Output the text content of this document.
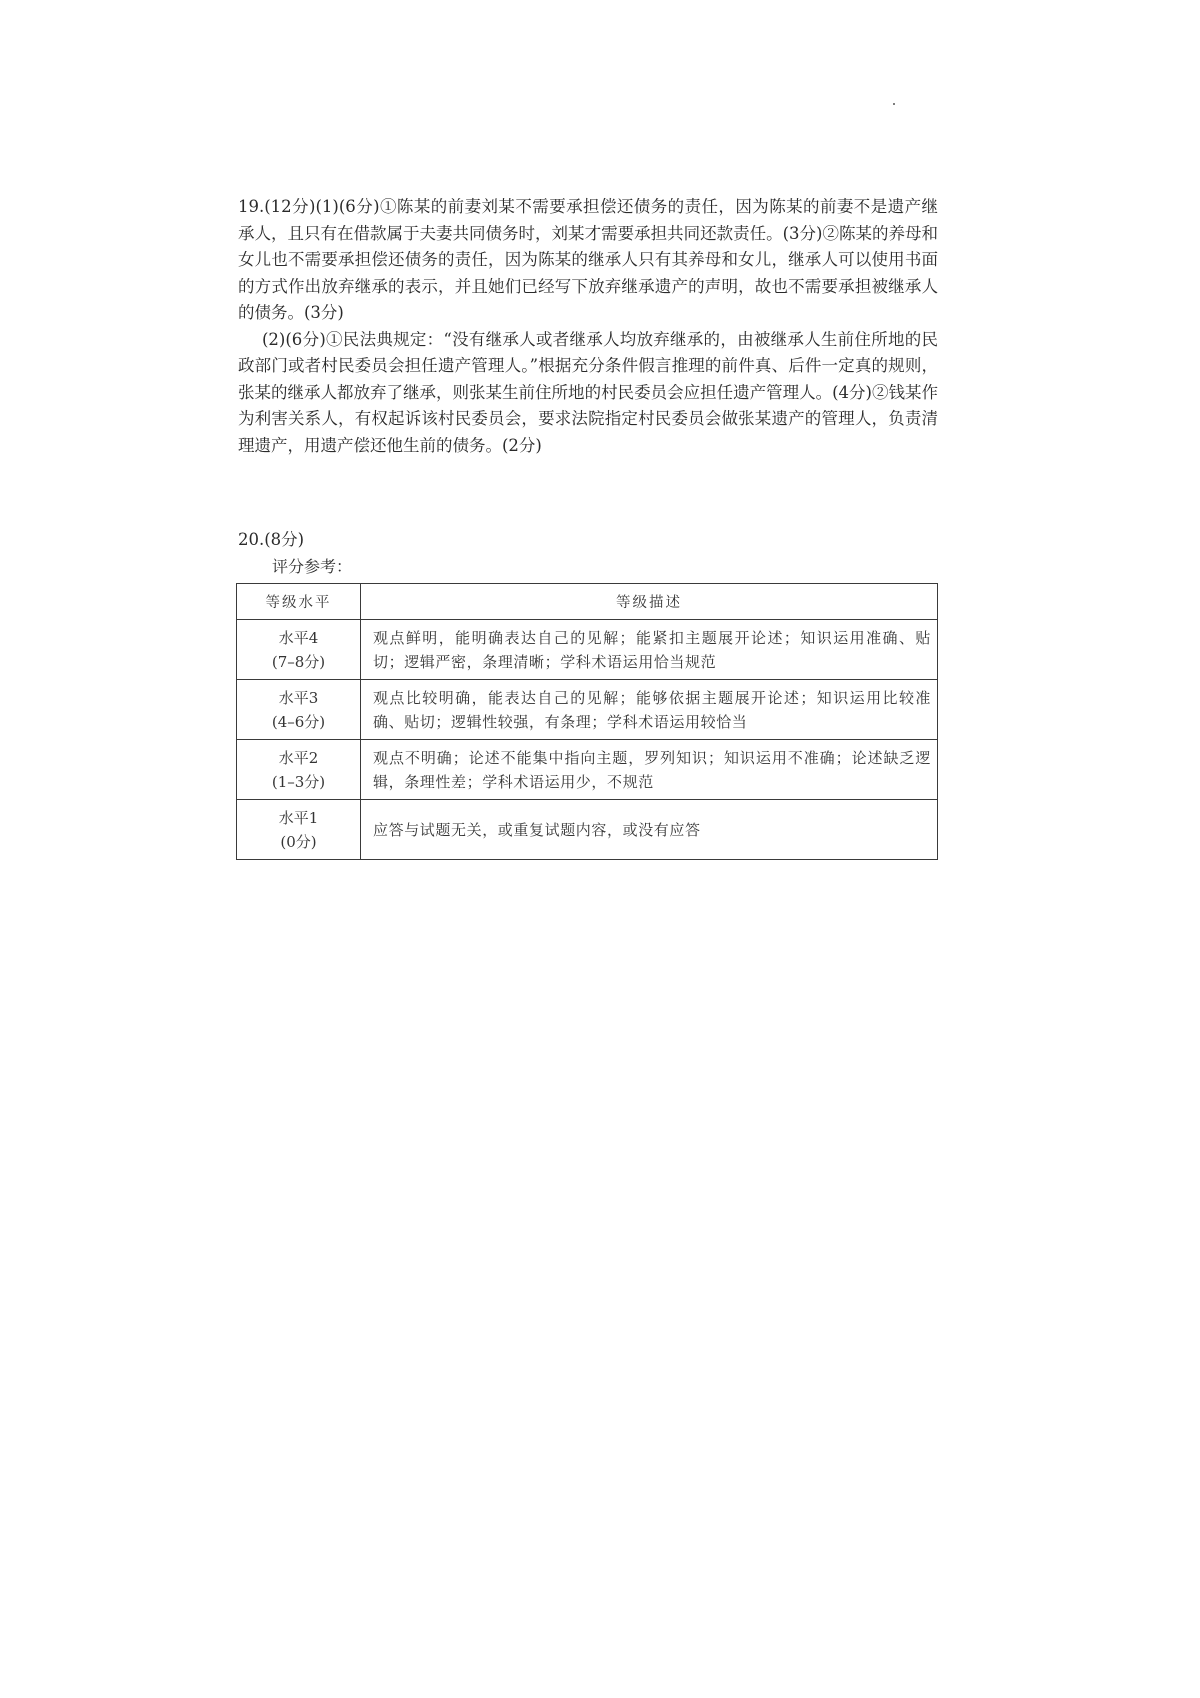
19.(12分)(1)(6分)①陈某的前妻刘某不需要承担偿还债务的责任，因为陈某的前妻不是遗产继承人，且只有在借款属于夫妻共同债务时，刘某才需要承担共同还款责任。(3分)②陈某的养母和女儿也不需要承担偿还债务的责任，因为陈某的继承人只有其养母和女儿，继承人可以使用书面的方式作出放弃继承的表示，并且她们已经写下放弃继承遗产的声明，故也不需要承担被继承人的债务。(3分)
(2)(6分)①民法典规定：“没有继承人或者继承人均放弃继承的，由被继承人生前住所地的民政部门或者村民委员会担任遗产管理人。”根据充分条件假言推理的前件真、后件一定真的规则，张某的继承人都放弃了继承，则张某生前住所地的村民委员会应担任遗产管理人。(4分)②钱某作为利害关系人，有权起诉该村民委员会，要求法院指定村民委员会做张某遗产的管理人，负责清理遗产，用遗产偿还他生前的债务。(2分)
20.(8分)
评分参考：
等级水平	等级描述

水平4
(7–8分)	观点鲜明，能明确表达自己的见解；能紧扣主题展开论述；知识运用准确、贴切；逻辑严密，条理清晰；学科术语运用恰当规范

水平3
(4–6分)	观点比较明确，能表达自己的见解；能够依据主题展开论述；知识运用比较准确、贴切；逻辑性较强，有条理；学科术语运用较恰当

水平2
(1–3分)	观点不明确；论述不能集中指向主题，罗列知识；知识运用不准确；论述缺乏逻辑，条理性差；学科术语运用少，不规范

水平1
(0分)	应答与试题无关，或重复试题内容，或没有应答
